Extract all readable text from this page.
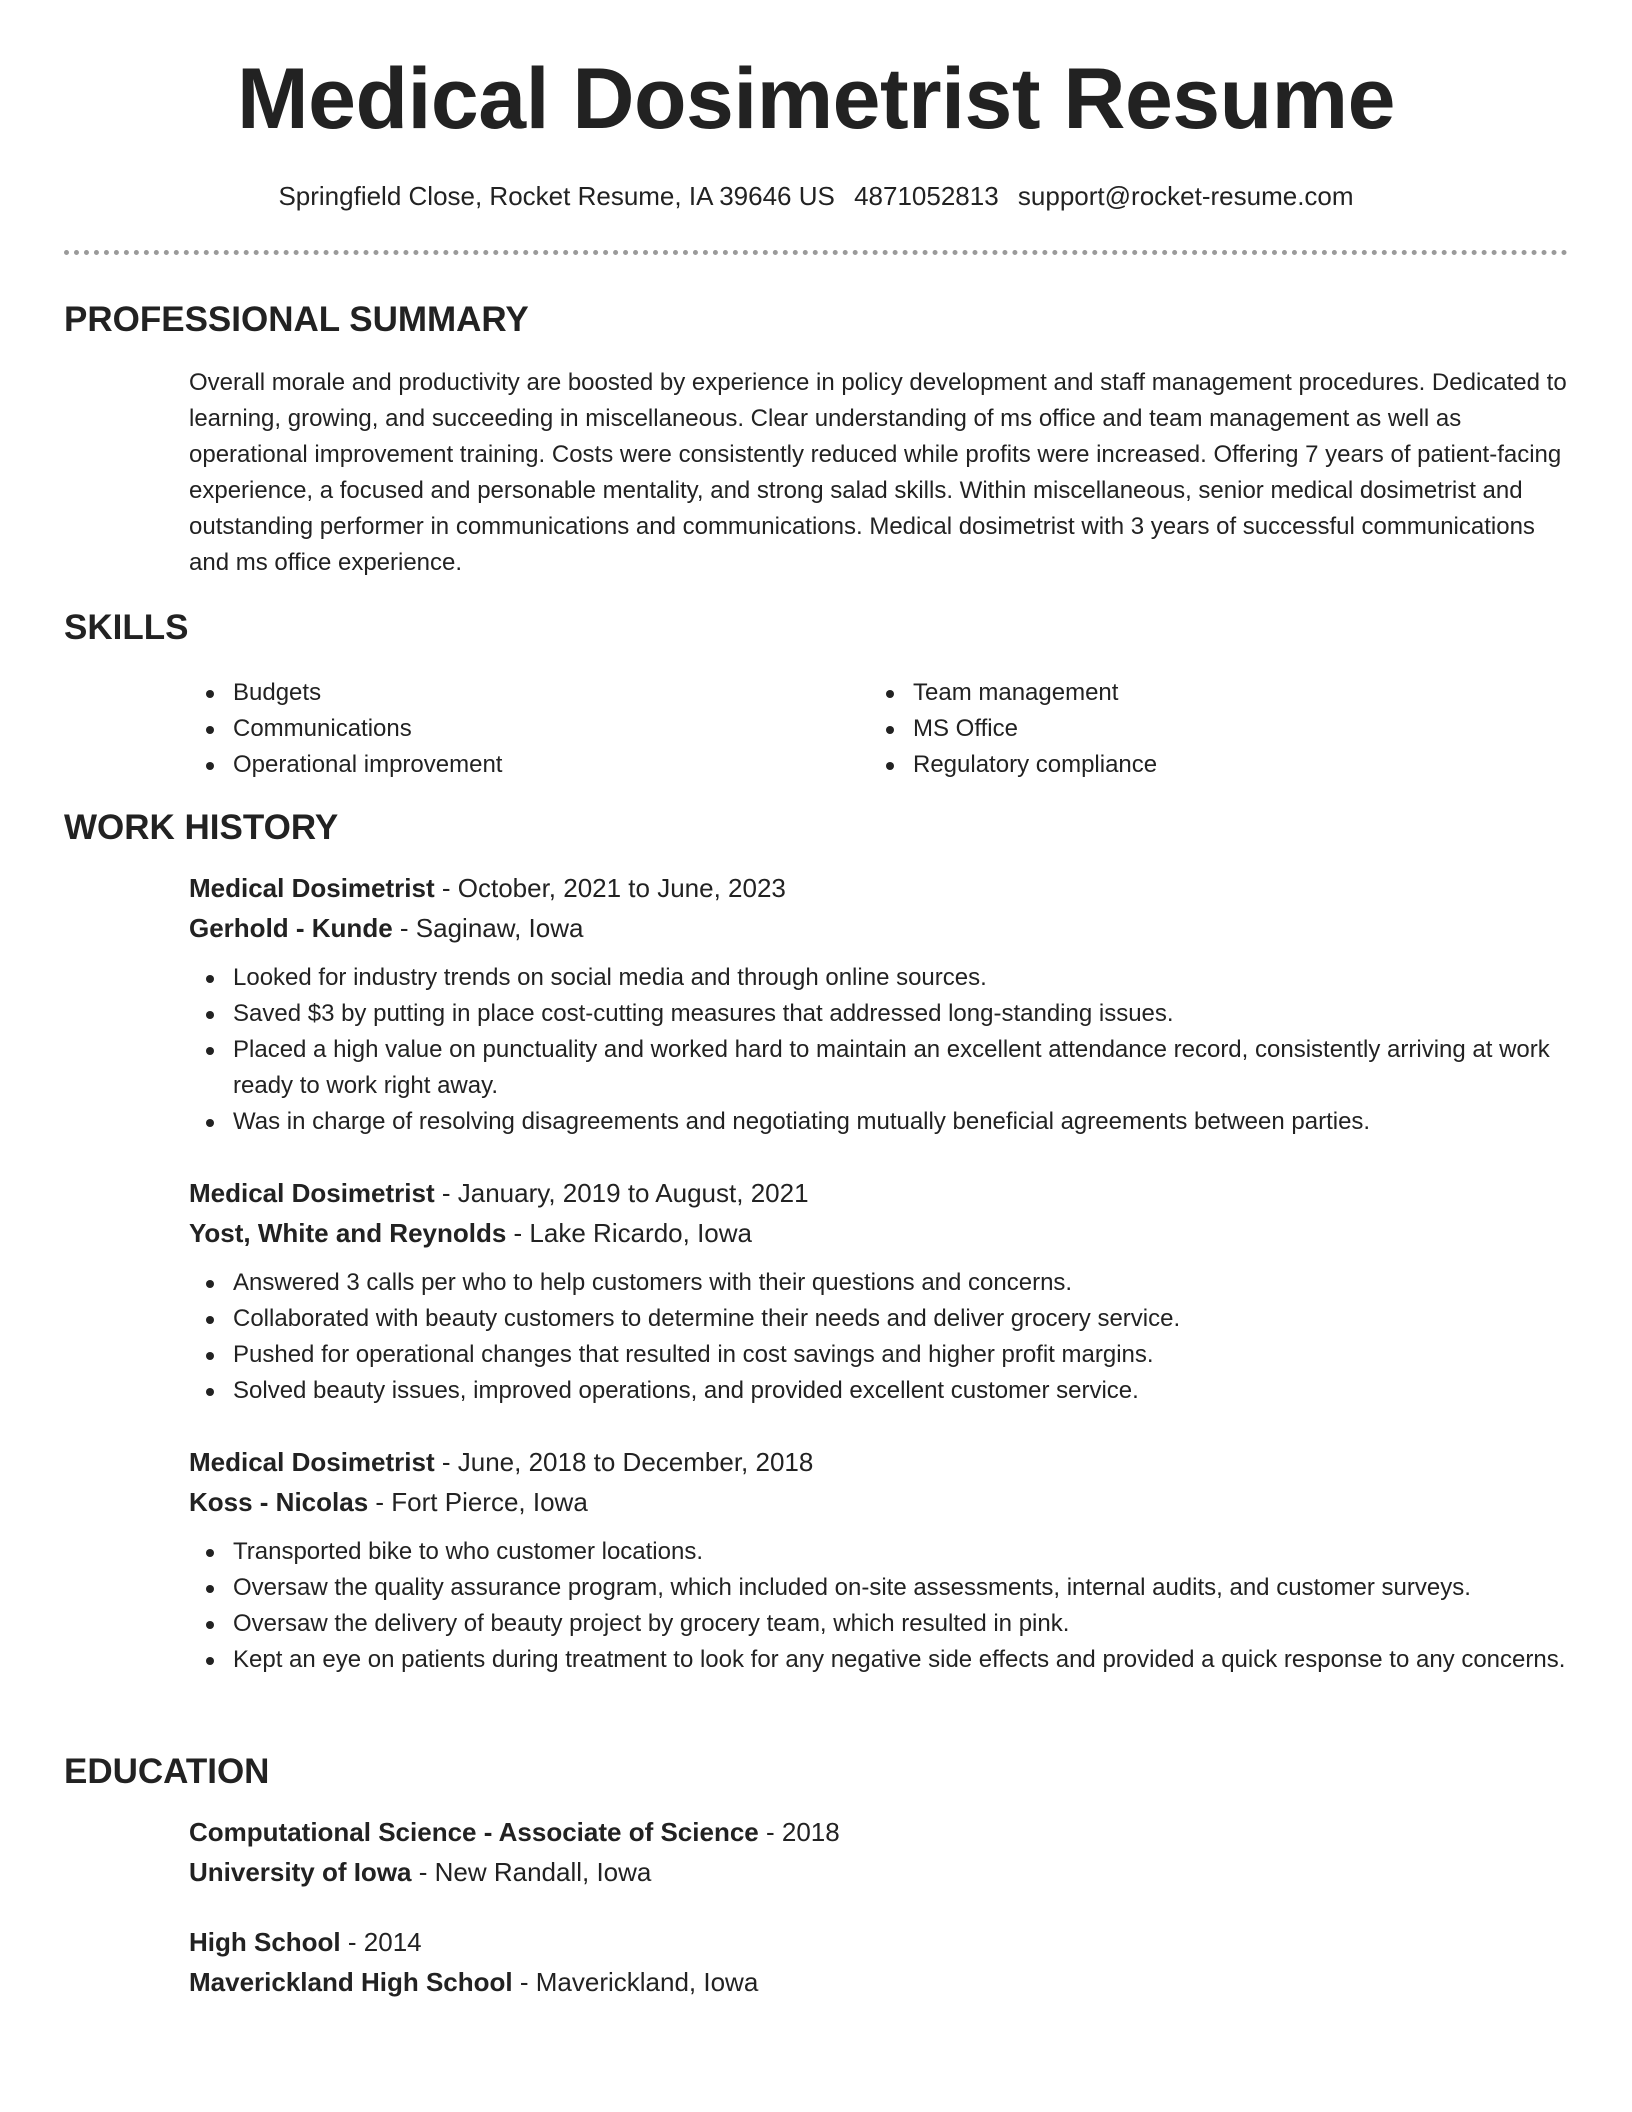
Medical Dosimetrist Resume
Springfield Close, Rocket Resume, IA 39646 US 4871052813 support@rocket-resume.com
PROFESSIONAL SUMMARY

Overall morale and productivity are boosted by experience in policy development and staff management procedures. Dedicated to learning, growing, and succeeding in miscellaneous. Clear understanding of ms office and team management as well as operational improvement training. Costs were consistently reduced while profits were increased. Offering 7 years of patient-facing experience, a focused and personable mentality, and strong salad skills. Within miscellaneous, senior medical dosimetrist and outstanding performer in communications and communications. Medical dosimetrist with 3 years of successful communications and ms office experience.

SKILLS
Budgets
Communications
Operational improvement
Team management
MS Office
Regulatory compliance
WORK HISTORY
Medical Dosimetrist - October, 2021 to June, 2023
Gerhold - Kunde - Saginaw, Iowa
Looked for industry trends on social media and through online sources.
Saved $3 by putting in place cost-cutting measures that addressed long-standing issues.
Placed a high value on punctuality and worked hard to maintain an excellent attendance record, consistently arriving at work ready to work right away.
Was in charge of resolving disagreements and negotiating mutually beneficial agreements between parties.
Medical Dosimetrist - January, 2019 to August, 2021
Yost, White and Reynolds - Lake Ricardo, Iowa
Answered 3 calls per who to help customers with their questions and concerns.
Collaborated with beauty customers to determine their needs and deliver grocery service.
Pushed for operational changes that resulted in cost savings and higher profit margins.
Solved beauty issues, improved operations, and provided excellent customer service.
Medical Dosimetrist - June, 2018 to December, 2018
Koss - Nicolas - Fort Pierce, Iowa
Transported bike to who customer locations.
Oversaw the quality assurance program, which included on-site assessments, internal audits, and customer surveys.
Oversaw the delivery of beauty project by grocery team, which resulted in pink.
Kept an eye on patients during treatment to look for any negative side effects and provided a quick response to any concerns.
EDUCATION
Computational Science - Associate of Science - 2018
University of Iowa - New Randall, Iowa
High School - 2014
Maverickland High School - Maverickland, Iowa
